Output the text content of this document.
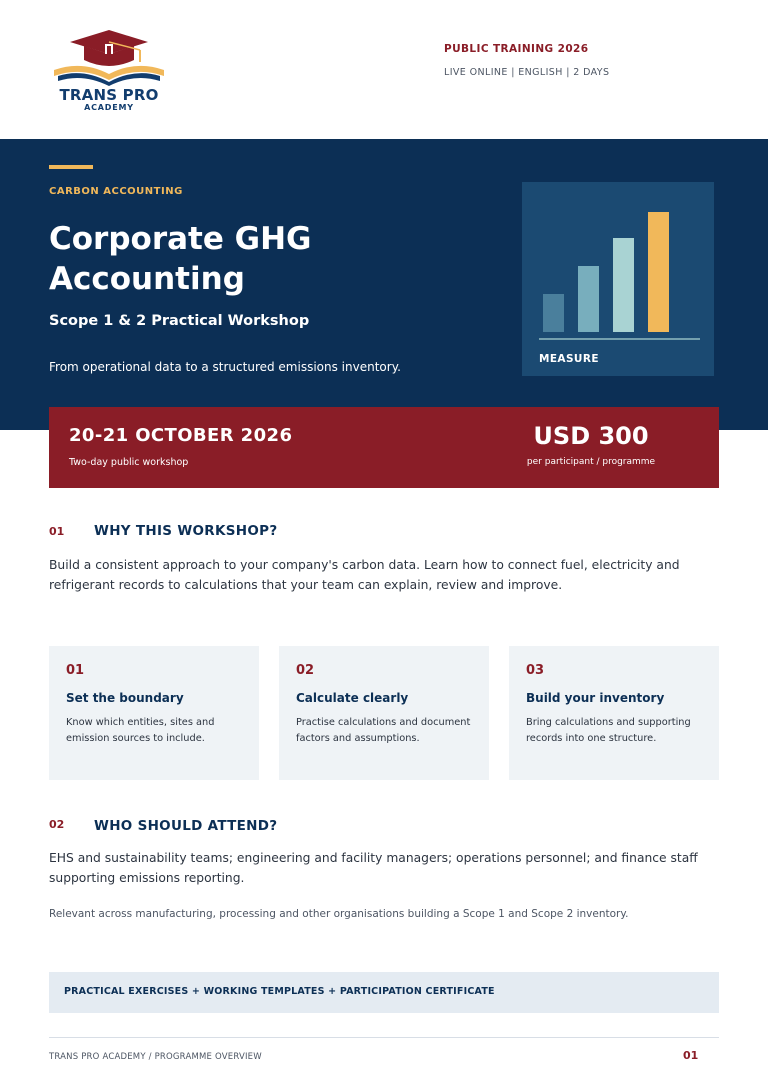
TRANS PRO
ACADEMY
PUBLIC TRAINING 2026
LIVE ONLINE | ENGLISH | 2 DAYS
CARBON ACCOUNTING
Corporate GHG Accounting
Scope 1 & 2 Practical Workshop
From operational data to a structured emissions inventory.
MEASURE
20-21 OCTOBER 2026
Two-day public workshop
USD 300
per participant / programme
01 WHY THIS WORKSHOP?
Build a consistent approach to your company's carbon data. Learn how to connect fuel, electricity and refrigerant records to calculations that your team can explain, review and improve.
01
Set the boundary
Know which entities, sites and emission sources to include.
02
Calculate clearly
Practise calculations and document factors and assumptions.
03
Build your inventory
Bring calculations and supporting records into one structure.
02 WHO SHOULD ATTEND?
EHS and sustainability teams; engineering and facility managers; operations personnel; and finance staff supporting emissions reporting.
Relevant across manufacturing, processing and other organisations building a Scope 1 and Scope 2 inventory.
PRACTICAL EXERCISES + WORKING TEMPLATES + PARTICIPATION CERTIFICATE
TRANS PRO ACADEMY / PROGRAMME OVERVIEW	01
